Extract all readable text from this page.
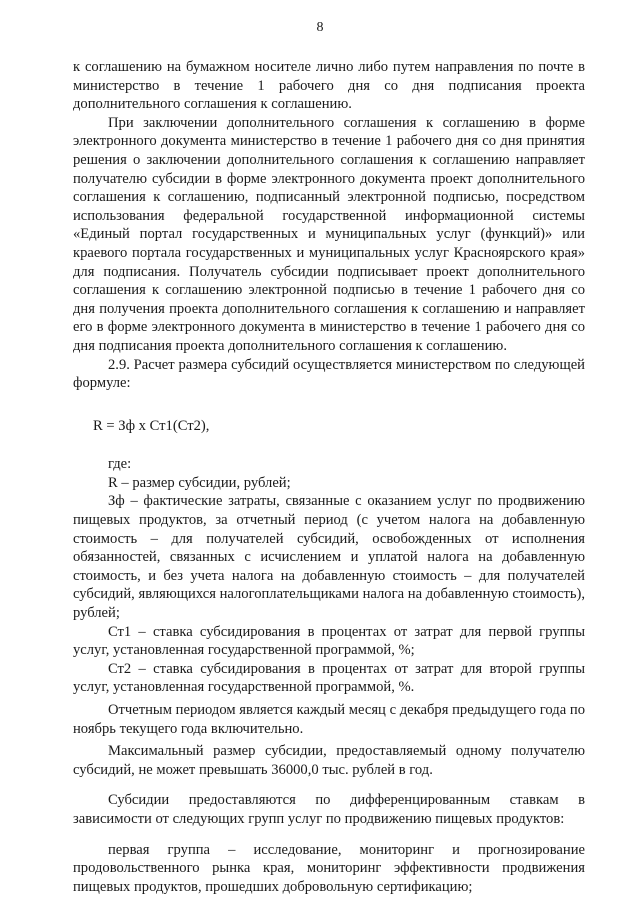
8

к соглашению на бумажном носителе лично либо путем направления по почте в министерство в течение 1 рабочего дня со дня подписания проекта дополнительного соглашения к соглашению.

При заключении дополнительного соглашения к соглашению в форме электронного документа министерство в течение 1 рабочего дня со дня принятия решения о заключении дополнительного соглашения к соглашению направляет получателю субсидии в форме электронного документа проект дополнительного соглашения к соглашению, подписанный электронной подписью, посредством использования федеральной государственной информационной системы «Единый портал государственных и муниципальных услуг (функций)» или краевого портала государственных и муниципальных услуг Красноярского края» для подписания. Получатель субсидии подписывает проект дополнительного соглашения к соглашению электронной подписью в течение 1 рабочего дня со дня получения проекта дополнительного соглашения к соглашению и направляет его в форме электронного документа в министерство в течение 1 рабочего дня со дня подписания проекта дополнительного соглашения к соглашению.

2.9. Расчет размера субсидий осуществляется министерством по следующей формуле:

R = Зф х Ст1(Ст2),

где:

R – размер субсидии, рублей;

Зф – фактические затраты, связанные с оказанием услуг по продвижению пищевых продуктов, за отчетный период (с учетом налога на добавленную стоимость – для получателей субсидий, освобожденных от исполнения обязанностей, связанных с исчислением и уплатой налога на добавленную стоимость, и без учета налога на добавленную стоимость – для получателей субсидий, являющихся налогоплательщиками налога на добавленную стоимость), рублей;

Ст1 – ставка субсидирования в процентах от затрат для первой группы услуг, установленная государственной программой, %;

Ст2 – ставка субсидирования в процентах от затрат для второй группы услуг, установленная государственной программой, %.

Отчетным периодом является каждый месяц с декабря предыдущего года по ноябрь текущего года включительно.

Максимальный размер субсидии, предоставляемый одному получателю субсидий, не может превышать 36000,0 тыс. рублей в год.

Субсидии предоставляются по дифференцированным ставкам в зависимости от следующих групп услуг по продвижению пищевых продуктов:

первая группа – исследование, мониторинг и прогнозирование продовольственного рынка края, мониторинг эффективности продвижения пищевых продуктов, прошедших добровольную сертификацию;
